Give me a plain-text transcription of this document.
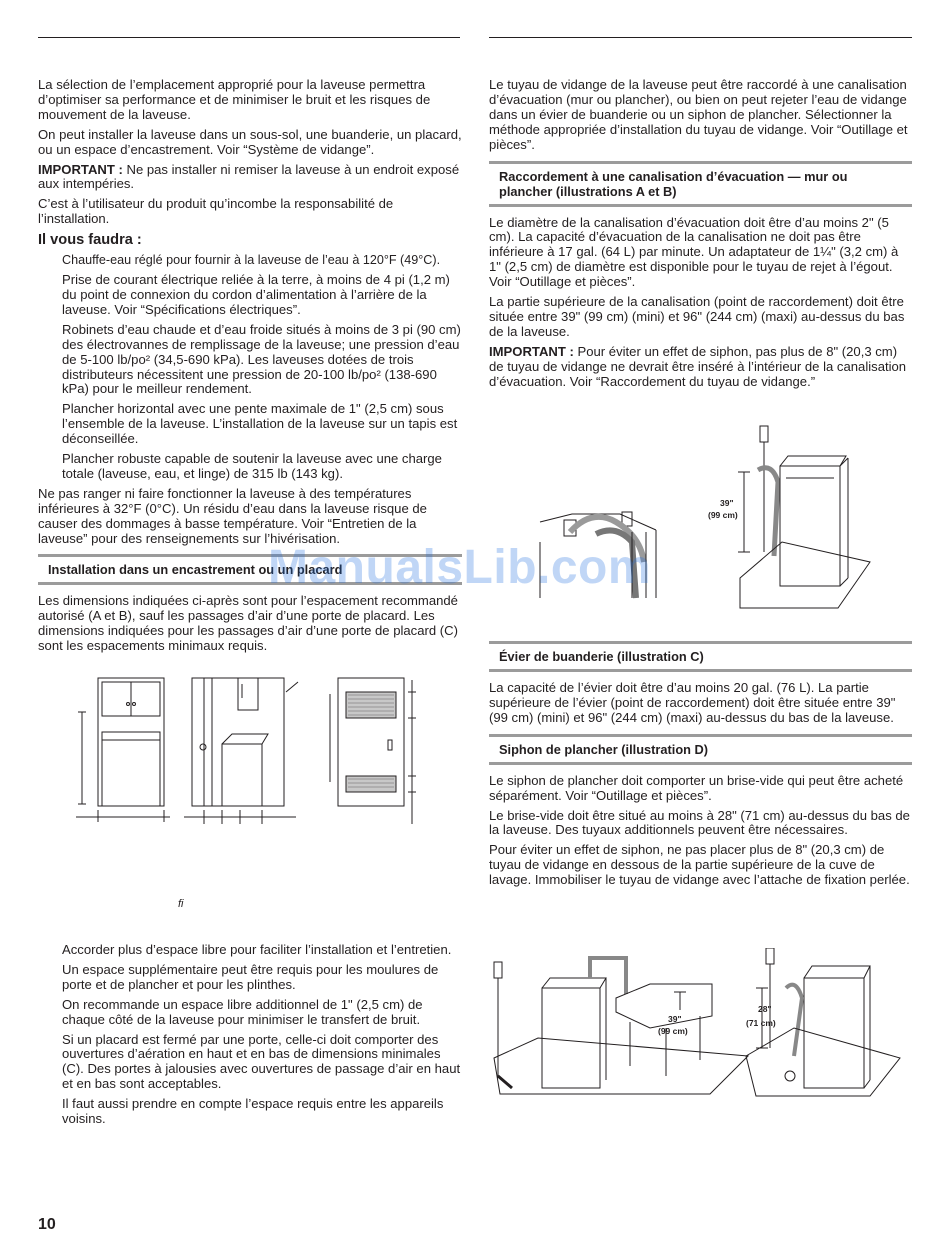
La sélection de l’emplacement approprié pour la laveuse permettra d’optimiser sa performance et de minimiser le bruit et les risques de mouvement de la laveuse.

On peut installer la laveuse dans un sous-sol, une buanderie, un placard, ou un espace d’encastrement. Voir “Système de vidange”.

IMPORTANT : Ne pas installer ni remiser la laveuse à un endroit exposé aux intempéries.

C’est à l’utilisateur du produit qu’incombe la responsabilité de l’installation.

Il vous faudra :

Chauffe-eau réglé pour fournir à la laveuse de l’eau à 120°F (49°C).

Prise de courant électrique reliée à la terre, à moins de 4 pi (1,2 m) du point de connexion du cordon d’alimentation à l’arrière de la laveuse. Voir “Spécifications électriques”.

Robinets d’eau chaude et d’eau froide situés à moins de 3 pi (90 cm) des électrovannes de remplissage de la laveuse; une pression d’eau de 5-100 lb/po² (34,5-690 kPa). Les laveuses dotées de trois distributeurs nécessitent une pression de 20-100 lb/po² (138-690 kPa) pour le meilleur rendement.

Plancher horizontal avec une pente maximale de 1" (2,5 cm) sous l’ensemble de la laveuse. L’installation de la laveuse sur un tapis est déconseillée.

Plancher robuste capable de soutenir la laveuse avec une charge totale (laveuse, eau, et linge) de 315 lb (143 kg).

Ne pas ranger ni faire fonctionner la laveuse à des températures inférieures à 32°F (0°C). Un résidu d’eau dans la laveuse risque de causer des dommages à basse température. Voir “Entretien de la laveuse” pour des renseignements sur l’hivérisation.

Installation dans un encastrement ou un placard

Les dimensions indiquées ci-après sont pour l’espacement recommandé autorisé (A et B), sauf les passages d’air d’une porte de placard. Les dimensions indiquées pour les passages d’air d’une porte de placard (C) sont les espacements minimaux requis.

fi

Accorder plus d’espace libre pour faciliter l’installation et l’entretien.

Un espace supplémentaire peut être requis pour les moulures de porte et de plancher et pour les plinthes.

On recommande un espace libre additionnel de 1" (2,5 cm) de chaque côté de la laveuse pour minimiser le transfert de bruit.

Si un placard est fermé par une porte, celle-ci doit comporter des ouvertures d’aération en haut et en bas de dimensions minimales (C). Des portes à jalousies avec ouvertures de passage d’air en haut et en bas sont acceptables.

Il faut aussi prendre en compte l’espace requis entre les appareils voisins.

Le tuyau de vidange de la laveuse peut être raccordé à une canalisation d’évacuation (mur ou plancher), ou bien on peut rejeter l’eau de vidange dans un évier de buanderie ou un siphon de plancher. Sélectionner la méthode appropriée d’installation du tuyau de vidange. Voir “Outillage et pièces”.

Raccordement à une canalisation d’évacuation — mur ou plancher (illustrations A et B)

Le diamètre de la canalisation d’évacuation doit être d’au moins 2" (5 cm). La capacité d’évacuation de la canalisation ne doit pas être inférieure à 17 gal. (64 L) par minute. Un adaptateur de 1¼" (3,2 cm) à 1" (2,5 cm) de diamètre est disponible pour le tuyau de rejet à l’égout. Voir “Outillage et pièces”.

La partie supérieure de la canalisation (point de raccordement) doit être située entre 39" (99 cm) (mini) et 96" (244 cm) (maxi) au-dessus du bas de la laveuse.

IMPORTANT : Pour éviter un effet de siphon, pas plus de 8" (20,3 cm) de tuyau de vidange ne devrait être inséré à l’intérieur de la canalisation d’évacuation. Voir “Raccordement du tuyau de vidange.”

39"
(99 cm)
Évier de buanderie (illustration C)

La capacité de l’évier doit être d’au moins 20 gal. (76 L). La partie supérieure de l’évier (point de raccordement) doit être située entre 39" (99 cm) (mini) et 96" (244 cm) (maxi) au-dessus du bas de la laveuse.

Siphon de plancher (illustration D)

Le siphon de plancher doit comporter un brise-vide qui peut être acheté séparément. Voir “Outillage et pièces”.

Le brise-vide doit être situé au moins à 28" (71 cm) au-dessus du bas de la laveuse. Des tuyaux additionnels peuvent être nécessaires.

Pour éviter un effet de siphon, ne pas placer plus de 8" (20,3 cm) de tuyau de vidange en dessous de la partie supérieure de la cuve de lavage. Immobiliser le tuyau de vidange avec l’attache de fixation perlée.

39"
(99 cm)
28"
(71 cm)
ManualsLib.com
10
